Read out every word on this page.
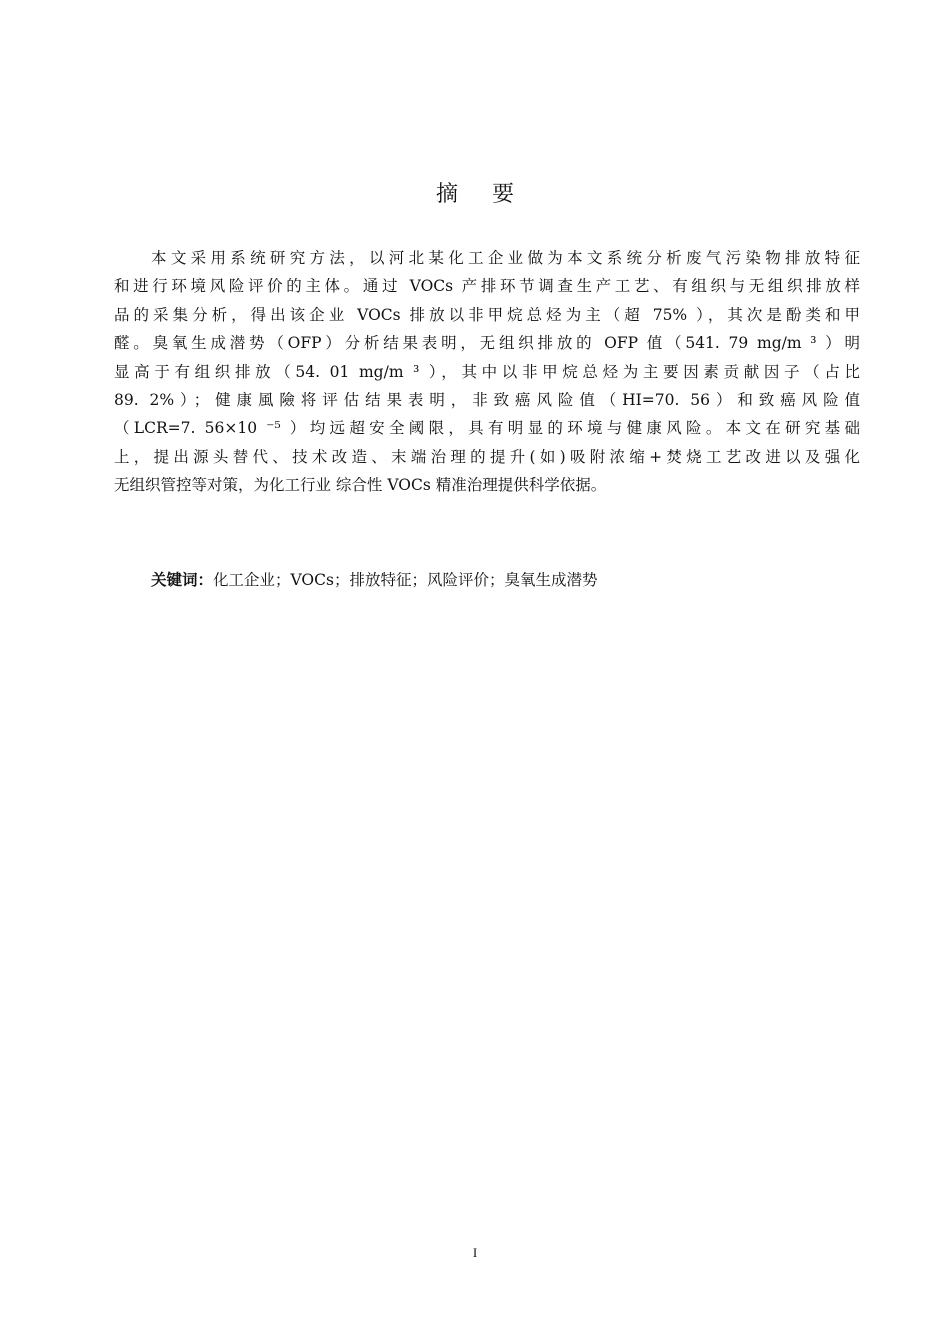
摘要
本文采用系统研究方法，以河北某化工企业做为本文系统分析废气污染物排放特征
和进行环境风险评价的主体。通过 VOCs 产排环节调查生产工艺、有组织与无组织排放样
品的采集分析，得出该企业 VOCs 排放以非甲烷总烃为主（超 75% ），其次是酚类和甲
醛。臭氧生成潜势（OFP）分析结果表明，无组织排放的 OFP 值（541. 79 mg/m ³ ）明
显高于有组织排放（54. 01 mg/m ³ ），其中以非甲烷总烃为主要因素贡献因子（占比
89. 2%）；健康風險将评估结果表明，非致癌风险值（HI=70. 56）和致癌风险值
（LCR=7. 56×10 ⁻⁵ ）均远超安全阈限，具有明显的环境与健康风险。本文在研究基础
上，提出源头替代、技术改造、末端治理的提升(如)吸附浓缩+焚烧工艺改进以及强化
无组织管控等对策，为化工行业 综合性 VOCs 精准治理提供科学依据。
关键词：化工企业；VOCs；排放特征；风险评价；臭氧生成潜势
I
